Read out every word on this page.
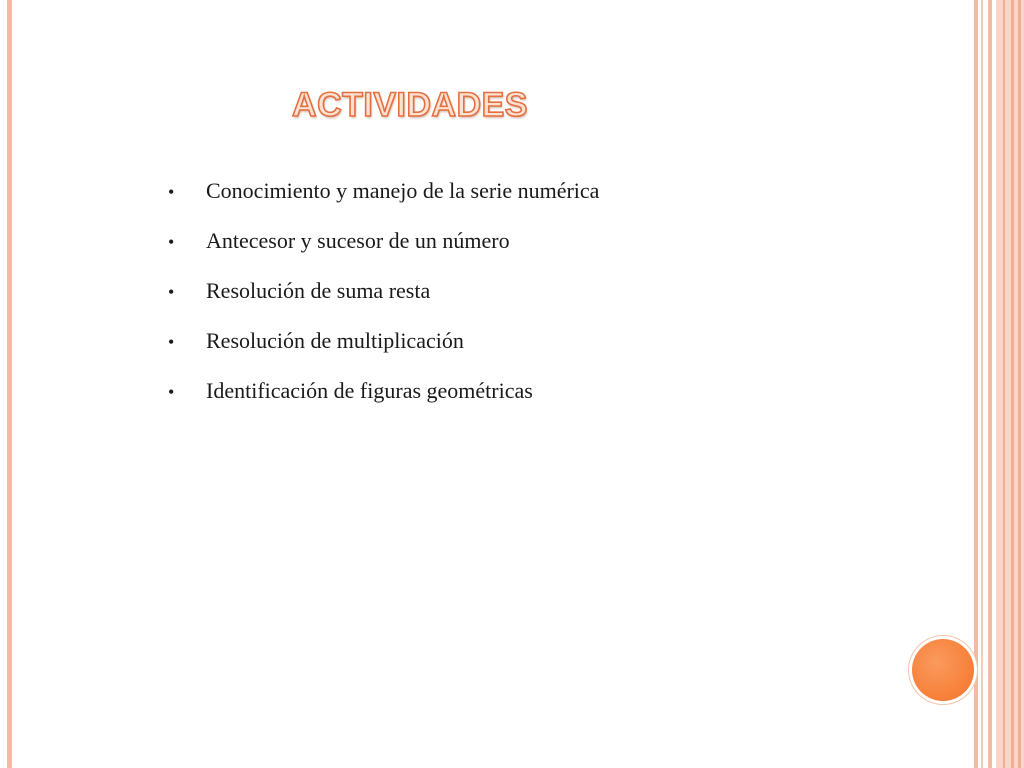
ACTIVIDADES
•	Conocimiento y manejo de la serie numérica
•	Antecesor y sucesor de un número
•	Resolución de suma resta
•	Resolución de multiplicación
•	Identificación de figuras geométricas
